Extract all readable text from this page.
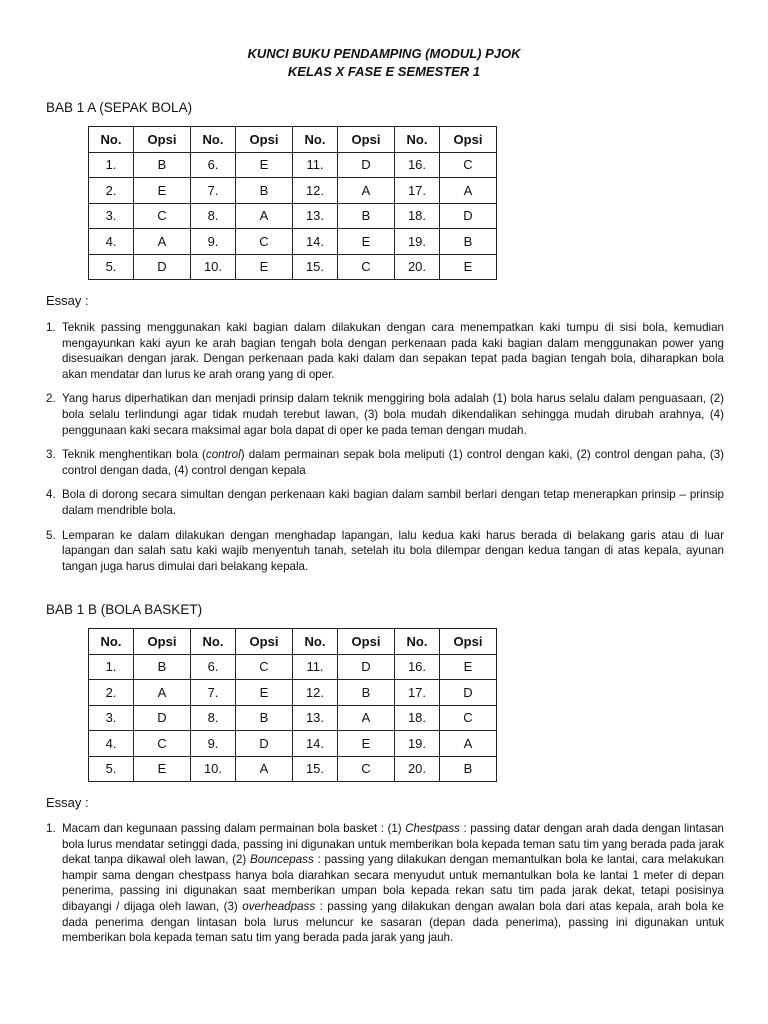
KUNCI BUKU PENDAMPING (MODUL) PJOK
KELAS X FASE E SEMESTER 1
BAB 1 A (SEPAK BOLA)
No.	Opsi	No.	Opsi	No.	Opsi	No.	Opsi
1.	B	6.	E	11.	D	16.	C
2.	E	7.	B	12.	A	17.	A
3.	C	8.	A	13.	B	18.	D
4.	A	9.	C	14.	E	19.	B
5.	D	10.	E	15.	C	20.	E
Essay :
1. Teknik passing menggunakan kaki bagian dalam dilakukan dengan cara menempatkan kaki tumpu di sisi bola, kemudian mengayunkan kaki ayun ke arah bagian tengah bola dengan perkenaan pada kaki bagian dalam menggunakan power yang disesuaikan dengan jarak. Dengan perkenaan pada kaki dalam dan sepakan tepat pada bagian tengah bola, diharapkan bola akan mendatar dan lurus ke arah orang yang di oper.
2. Yang harus diperhatikan dan menjadi prinsip dalam teknik menggiring bola adalah (1) bola harus selalu dalam penguasaan, (2) bola selalu terlindungi agar tidak mudah terebut lawan, (3) bola mudah dikendalikan sehingga mudah dirubah arahnya, (4) penggunaan kaki secara maksimal agar bola dapat di oper ke pada teman dengan mudah.
3. Teknik menghentikan bola (control) dalam permainan sepak bola meliputi (1) control dengan kaki, (2) control dengan paha, (3) control dengan dada, (4) control dengan kepala
4. Bola di dorong secara simultan dengan perkenaan kaki bagian dalam sambil berlari dengan tetap menerapkan prinsip – prinsip dalam mendrible bola.
5. Lemparan ke dalam dilakukan dengan menghadap lapangan, lalu kedua kaki harus berada di belakang garis atau di luar lapangan dan salah satu kaki wajib menyentuh tanah, setelah itu bola dilempar dengan kedua tangan di atas kepala, ayunan tangan juga harus dimulai dari belakang kepala.
BAB 1 B (BOLA BASKET)
No.	Opsi	No.	Opsi	No.	Opsi	No.	Opsi
1.	B	6.	C	11.	D	16.	E
2.	A	7.	E	12.	B	17.	D
3.	D	8.	B	13.	A	18.	C
4.	C	9.	D	14.	E	19.	A
5.	E	10.	A	15.	C	20.	B
Essay :
1. Macam dan kegunaan passing dalam permainan bola basket : (1) Chestpass : passing datar dengan arah dada dengan lintasan bola lurus mendatar setinggi dada, passing ini digunakan untuk memberikan bola kepada teman satu tim yang berada pada jarak dekat tanpa dikawal oleh lawan, (2) Bouncepass : passing yang dilakukan dengan memantulkan bola ke lantai, cara melakukan hampir sama dengan chestpass hanya bola diarahkan secara menyudut untuk memantulkan bola ke lantai 1 meter di depan penerima, passing ini digunakan saat memberikan umpan bola kepada rekan satu tim pada jarak dekat, tetapi posisinya dibayangi / dijaga oleh lawan, (3) overheadpass : passing yang dilakukan dengan awalan bola dari atas kepala, arah bola ke dada penerima dengan lintasan bola lurus meluncur ke sasaran (depan dada penerima), passing ini digunakan untuk memberikan bola kepada teman satu tim yang berada pada jarak yang jauh.
